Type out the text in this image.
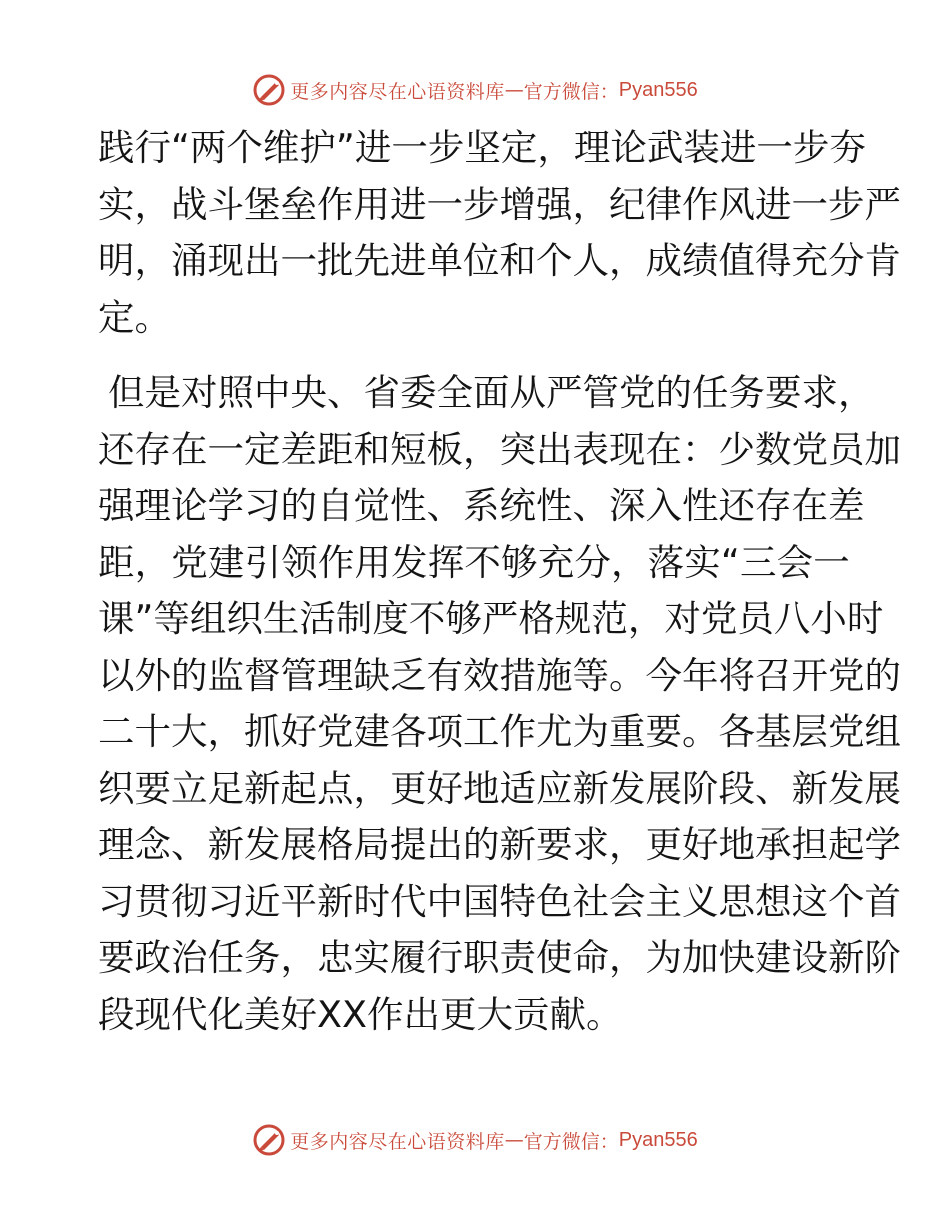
更多内容尽在心语资料库 — 官方微信： Pyan556
践 行 “ 两 个 维 护 ” 进 一 步 坚 定 ， 理 论 武 装 进 一 步 夯
实 ， 战 斗 堡 垒 作 用 进 一 步 增 强 ， 纪 律 作 风 进 一 步 严
明 ， 涌 现 出 一 批 先 进 单 位 和 个 人 ， 成 绩 值 得 充 分 肯
定。
但 是 对 照 中 央 、 省 委 全 面 从 严 管 党 的 任 务 要 求 ，
还 存 在 一 定 差 距 和 短 板 ， 突 出 表 现 在 ： 少 数 党 员 加
强 理 论 学 习 的 自 觉 性 、 系 统 性 、 深 入 性 还 存 在 差
距 ， 党 建 引 领 作 用 发 挥 不 够 充 分 ， 落 实 “ 三 会 一
课 ” 等 组 织 生 活 制 度 不 够 严 格 规 范 ， 对 党 员 八 小 时
以 外 的 监 督 管 理 缺 乏 有 效 措 施 等 。 今 年 将 召 开 党 的
二 十 大 ， 抓 好 党 建 各 项 工 作 尤 为 重 要 。 各 基 层 党 组
织 要 立 足 新 起 点 ， 更 好 地 适 应 新 发 展 阶 段 、 新 发 展
理 念 、 新 发 展 格 局 提 出 的 新 要 求 ， 更 好 地 承 担 起 学
习 贯 彻 习 近 平 新 时 代 中 国 特 色 社 会 主 义 思 想 这 个 首
要 政 治 任 务 ， 忠 实 履 行 职 责 使 命 ， 为 加 快 建 设 新 阶
段现代化美好XX作出更大贡献。
更多内容尽在心语资料库 — 官方微信： Pyan556
